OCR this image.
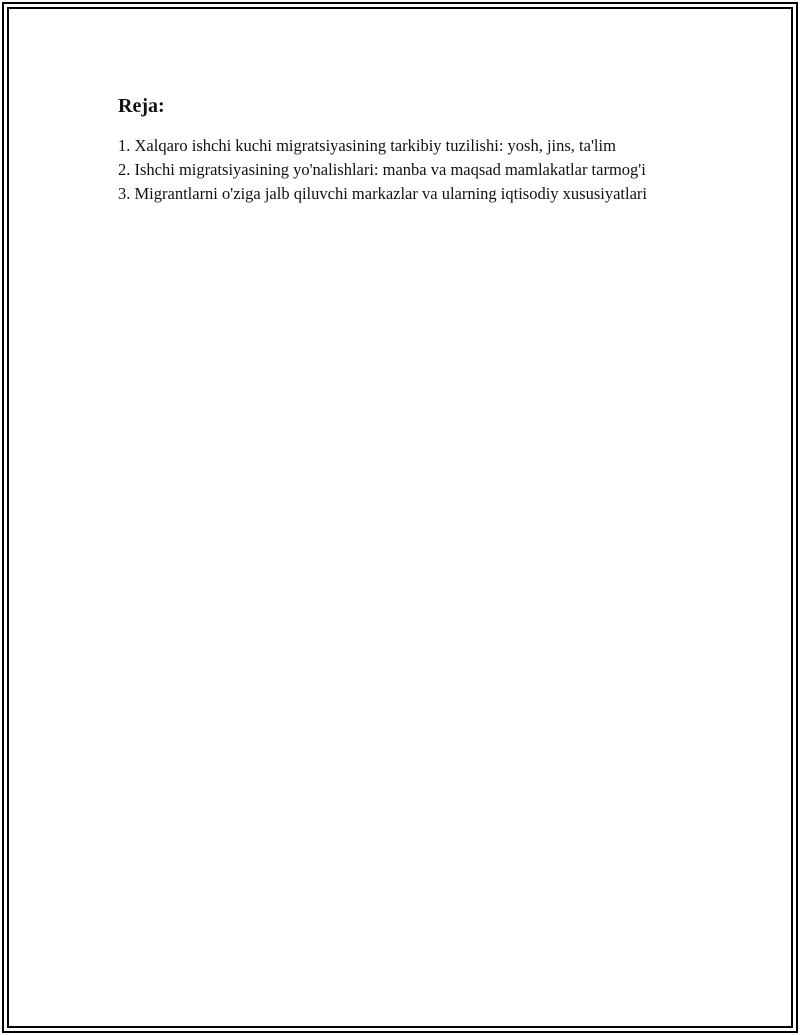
Reja:

1. Xalqaro ishchi kuchi migratsiyasining tarkibiy tuzilishi: yosh, jins, ta'lim

2. Ishchi migratsiyasining yo'nalishlari: manba va maqsad mamlakatlar tarmog'i

3. Migrantlarni o'ziga jalb qiluvchi markazlar va ularning iqtisodiy xususiyatlari
